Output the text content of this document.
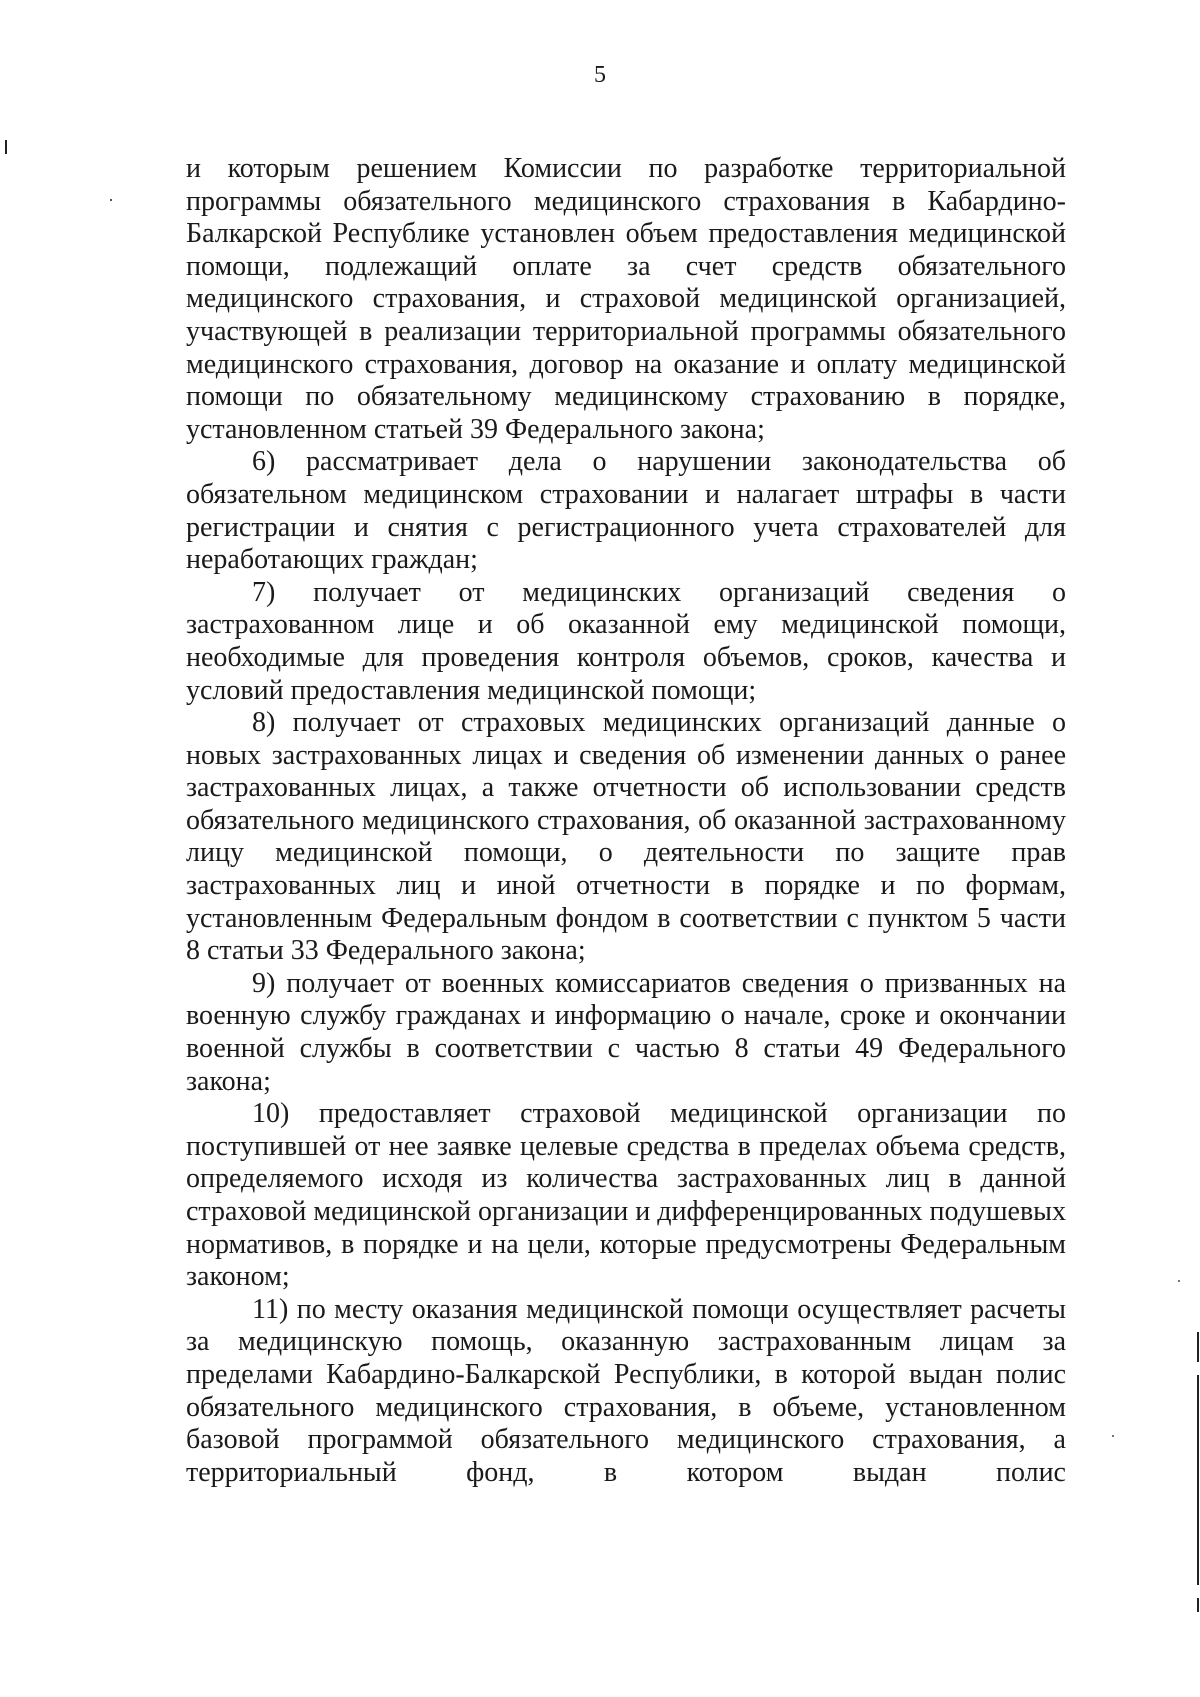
5

и которым решением Комиссии по разработке территориальной программы обязательного медицинского страхования в Кабардино-Балкарской Республике установлен объем предоставления медицинской помощи, подлежащий оплате за счет средств обязательного медицинского страхования, и страховой медицинской организацией, участвующей в реализации территориальной программы обязательного медицинского страхования, договор на оказание и оплату медицинской помощи по обязательному медицинскому страхованию в порядке, установленном статьей 39 Федерального закона;

6) рассматривает дела о нарушении законодательства об обязательном медицинском страховании и налагает штрафы в части регистрации и снятия с регистрационного учета страхователей для неработающих граждан;

7) получает от медицинских организаций сведения о застрахованном лице и об оказанной ему медицинской помощи, необходимые для проведения контроля объемов, сроков, качества и условий предоставления медицинской помощи;

8) получает от страховых медицинских организаций данные о новых застрахованных лицах и сведения об изменении данных о ранее застрахованных лицах, а также отчетности об использовании средств обязательного медицинского страхования, об оказанной застрахованному лицу медицинской помощи, о деятельности по защите прав застрахованных лиц и иной отчетности в порядке и по формам, установленным Федеральным фондом в соответствии с пунктом 5 части 8 статьи 33 Федерального закона;

9) получает от военных комиссариатов сведения о призванных на военную службу гражданах и информацию о начале, сроке и окончании военной службы в соответствии с частью 8 статьи 49 Федерального закона;

10) предоставляет страховой медицинской организации по поступившей от нее заявке целевые средства в пределах объема средств, определяемого исходя из количества застрахованных лиц в данной страховой медицинской организации и дифференцированных подушевых нормативов, в порядке и на цели, которые предусмотрены Федеральным законом;

11) по месту оказания медицинской помощи осуществляет расчеты за медицинскую помощь, оказанную застрахованным лицам за пределами Кабардино-Балкарской Республики, в которой выдан полис обязательного медицинского страхования, в объеме, установленном базовой программой обязательного медицинского страхования, а территориальный фонд, в котором выдан полис
